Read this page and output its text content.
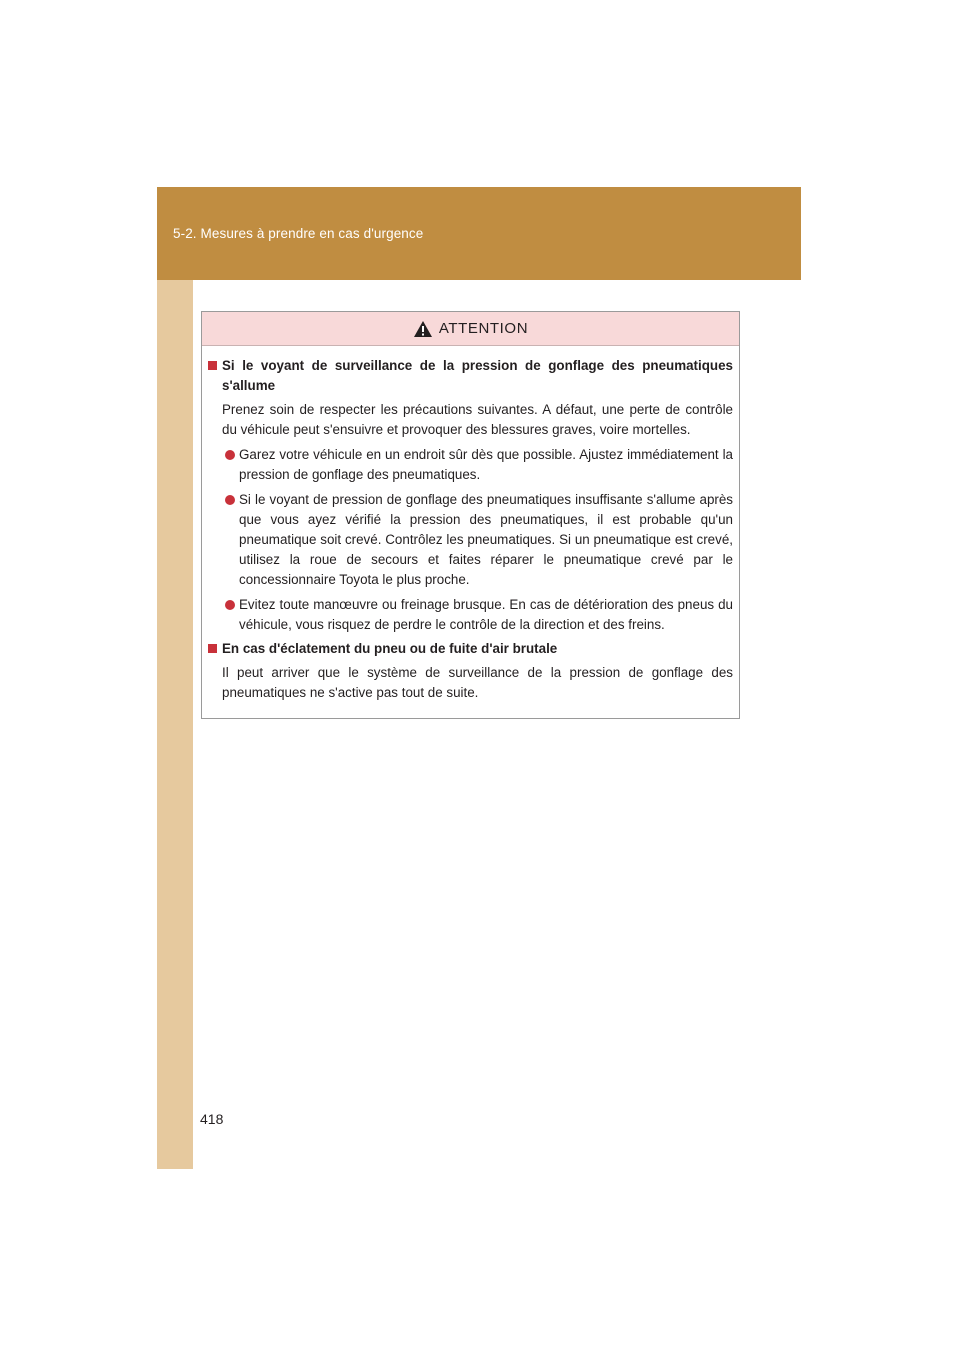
5-2. Mesures à prendre en cas d'urgence
ATTENTION
Si le voyant de surveillance de la pression de gonflage des pneumatiques s'allume
Prenez soin de respecter les précautions suivantes. A défaut, une perte de contrôle du véhicule peut s'ensuivre et provoquer des blessures graves, voire mortelles.
Garez votre véhicule en un endroit sûr dès que possible. Ajustez immédiatement la pression de gonflage des pneumatiques.
Si le voyant de pression de gonflage des pneumatiques insuffisante s'allume après que vous ayez vérifié la pression des pneumatiques, il est probable qu'un pneumatique soit crevé. Contrôlez les pneumatiques. Si un pneumatique est crevé, utilisez la roue de secours et faites réparer le pneumatique crevé par le concessionnaire Toyota le plus proche.
Evitez toute manœuvre ou freinage brusque. En cas de détérioration des pneus du véhicule, vous risquez de perdre le contrôle de la direction et des freins.
En cas d'éclatement du pneu ou de fuite d'air brutale
Il peut arriver que le système de surveillance de la pression de gonflage des pneumatiques ne s'active pas tout de suite.
418
